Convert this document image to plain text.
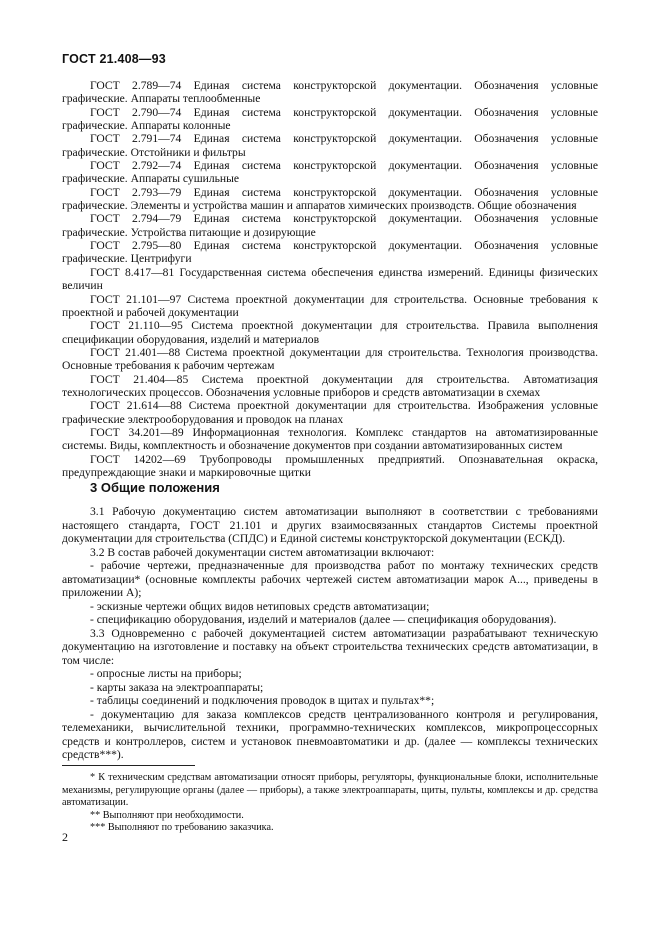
ГОСТ 21.408—93

ГОСТ 2.789—74 Единая система конструкторской документации. Обозначения условные графические. Аппараты теплообменные

ГОСТ 2.790—74 Единая система конструкторской документации. Обозначения условные графические. Аппараты колонные

ГОСТ 2.791—74 Единая система конструкторской документации. Обозначения условные графические. Отстойники и фильтры

ГОСТ 2.792—74 Единая система конструкторской документации. Обозначения условные графические. Аппараты сушильные

ГОСТ 2.793—79 Единая система конструкторской документации. Обозначения условные графические. Элементы и устройства машин и аппаратов химических производств. Общие обозначения

ГОСТ 2.794—79 Единая система конструкторской документации. Обозначения условные графические. Устройства питающие и дозирующие

ГОСТ 2.795—80 Единая система конструкторской документации. Обозначения условные графические. Центрифуги

ГОСТ 8.417—81 Государственная система обеспечения единства измерений. Единицы физических величин

ГОСТ 21.101—97 Система проектной документации для строительства. Основные требования к проектной и рабочей документации

ГОСТ 21.110—95 Система проектной документации для строительства. Правила выполнения спецификации оборудования, изделий и материалов

ГОСТ 21.401—88 Система проектной документации для строительства. Технология производства. Основные требования к рабочим чертежам

ГОСТ 21.404—85 Система проектной документации для строительства. Автоматизация технологических процессов. Обозначения условные приборов и средств автоматизации в схемах

ГОСТ 21.614—88 Система проектной документации для строительства. Изображения условные графические электрооборудования и проводок на планах

ГОСТ 34.201—89 Информационная технология. Комплекс стандартов на автоматизированные системы. Виды, комплектность и обозначение документов при создании автоматизированных систем

ГОСТ 14202—69 Трубопроводы промышленных предприятий. Опознавательная окраска, предупреждающие знаки и маркировочные щитки

3 Общие положения

3.1 Рабочую документацию систем автоматизации выполняют в соответствии с требованиями настоящего стандарта, ГОСТ 21.101 и других взаимосвязанных стандартов Системы проектной документации для строительства (СПДС) и Единой системы конструкторской документации (ЕСКД).

3.2 В состав рабочей документации систем автоматизации включают:

- рабочие чертежи, предназначенные для производства работ по монтажу технических средств автоматизации* (основные комплекты рабочих чертежей систем автоматизации марок А..., приведены в приложении А);

- эскизные чертежи общих видов нетиповых средств автоматизации;

- спецификацию оборудования, изделий и материалов (далее — спецификация оборудования).

3.3 Одновременно с рабочей документацией систем автоматизации разрабатывают техническую документацию на изготовление и поставку на объект строительства технических средств автоматизации, в том числе:

- опросные листы на приборы;

- карты заказа на электроаппараты;

- таблицы соединений и подключения проводок в щитах и пультах**;

- документацию для заказа комплексов средств централизованного контроля и регулирования, телемеханики, вычислительной техники, программно-технических комплексов, микропроцессорных средств и контроллеров, систем и установок пневмоавтоматики и др. (далее — комплексы технических средств***).

* К техническим средствам автоматизации относят приборы, регуляторы, функциональные блоки, исполнительные механизмы, регулирующие органы (далее — приборы), а также электроаппараты, щиты, пульты, комплексы и др. средства автоматизации.

** Выполняют при необходимости.

*** Выполняют по требованию заказчика.

2
